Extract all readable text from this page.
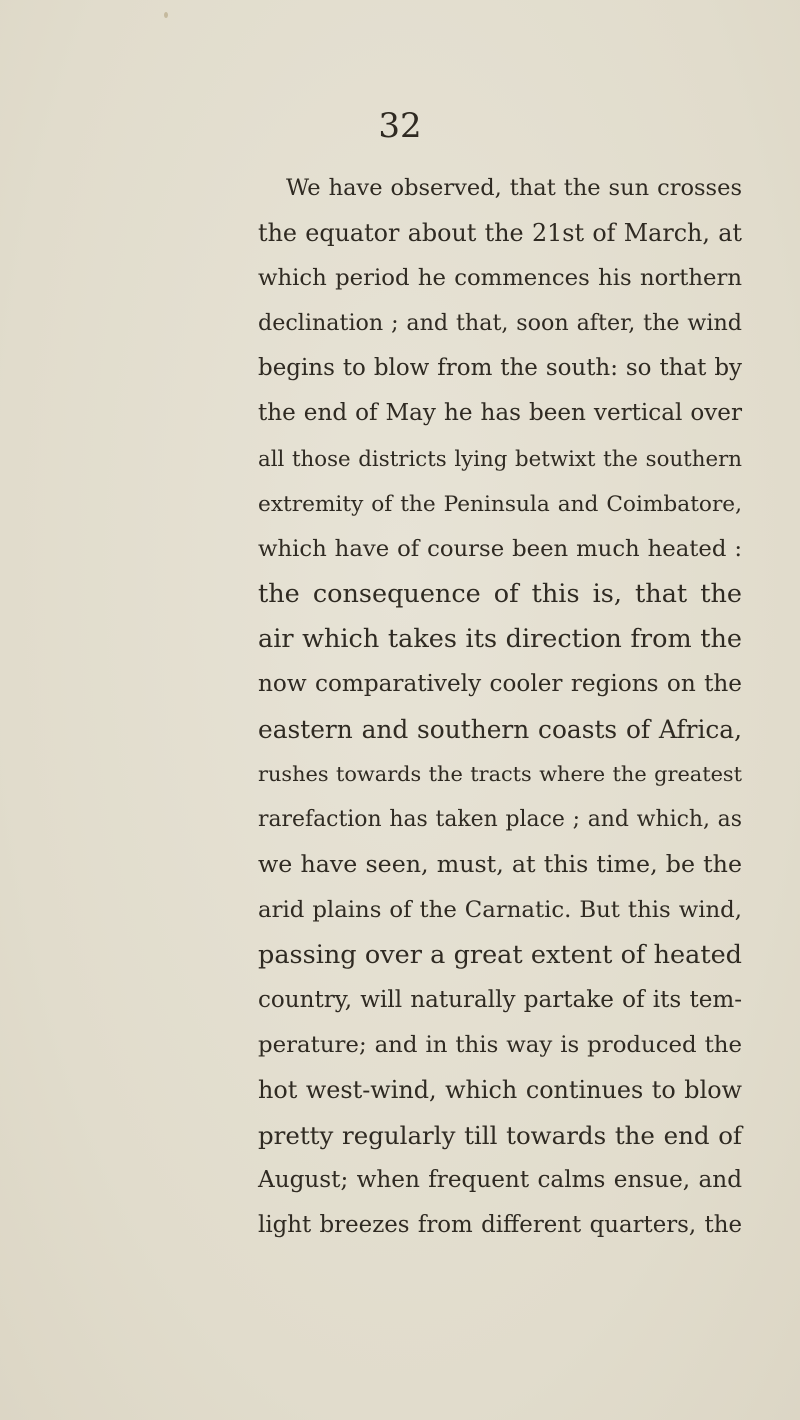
32
We have observed, that the sun crosses
the equator about the 21st of March, at
which period he commences his northern
declination ; and that, soon after, the wind
begins to blow from the south: so that by
the end of May he has been vertical over
all those districts lying betwixt the southern
extremity of the Peninsula and Coimbatore,
which have of course been much heated :
the consequence of this is, that the
air which takes its direction from the
now comparatively cooler regions on the
eastern and southern coasts of Africa,
rushes towards the tracts where the greatest
rarefaction has taken place ; and which, as
we have seen, must, at this time, be the
arid plains of the Carnatic. But this wind,
passing over a great extent of heated
country, will naturally partake of its tem-
perature; and in this way is produced the
hot west-wind, which continues to blow
pretty regularly till towards the end of
August; when frequent calms ensue, and
light breezes from different quarters, the
